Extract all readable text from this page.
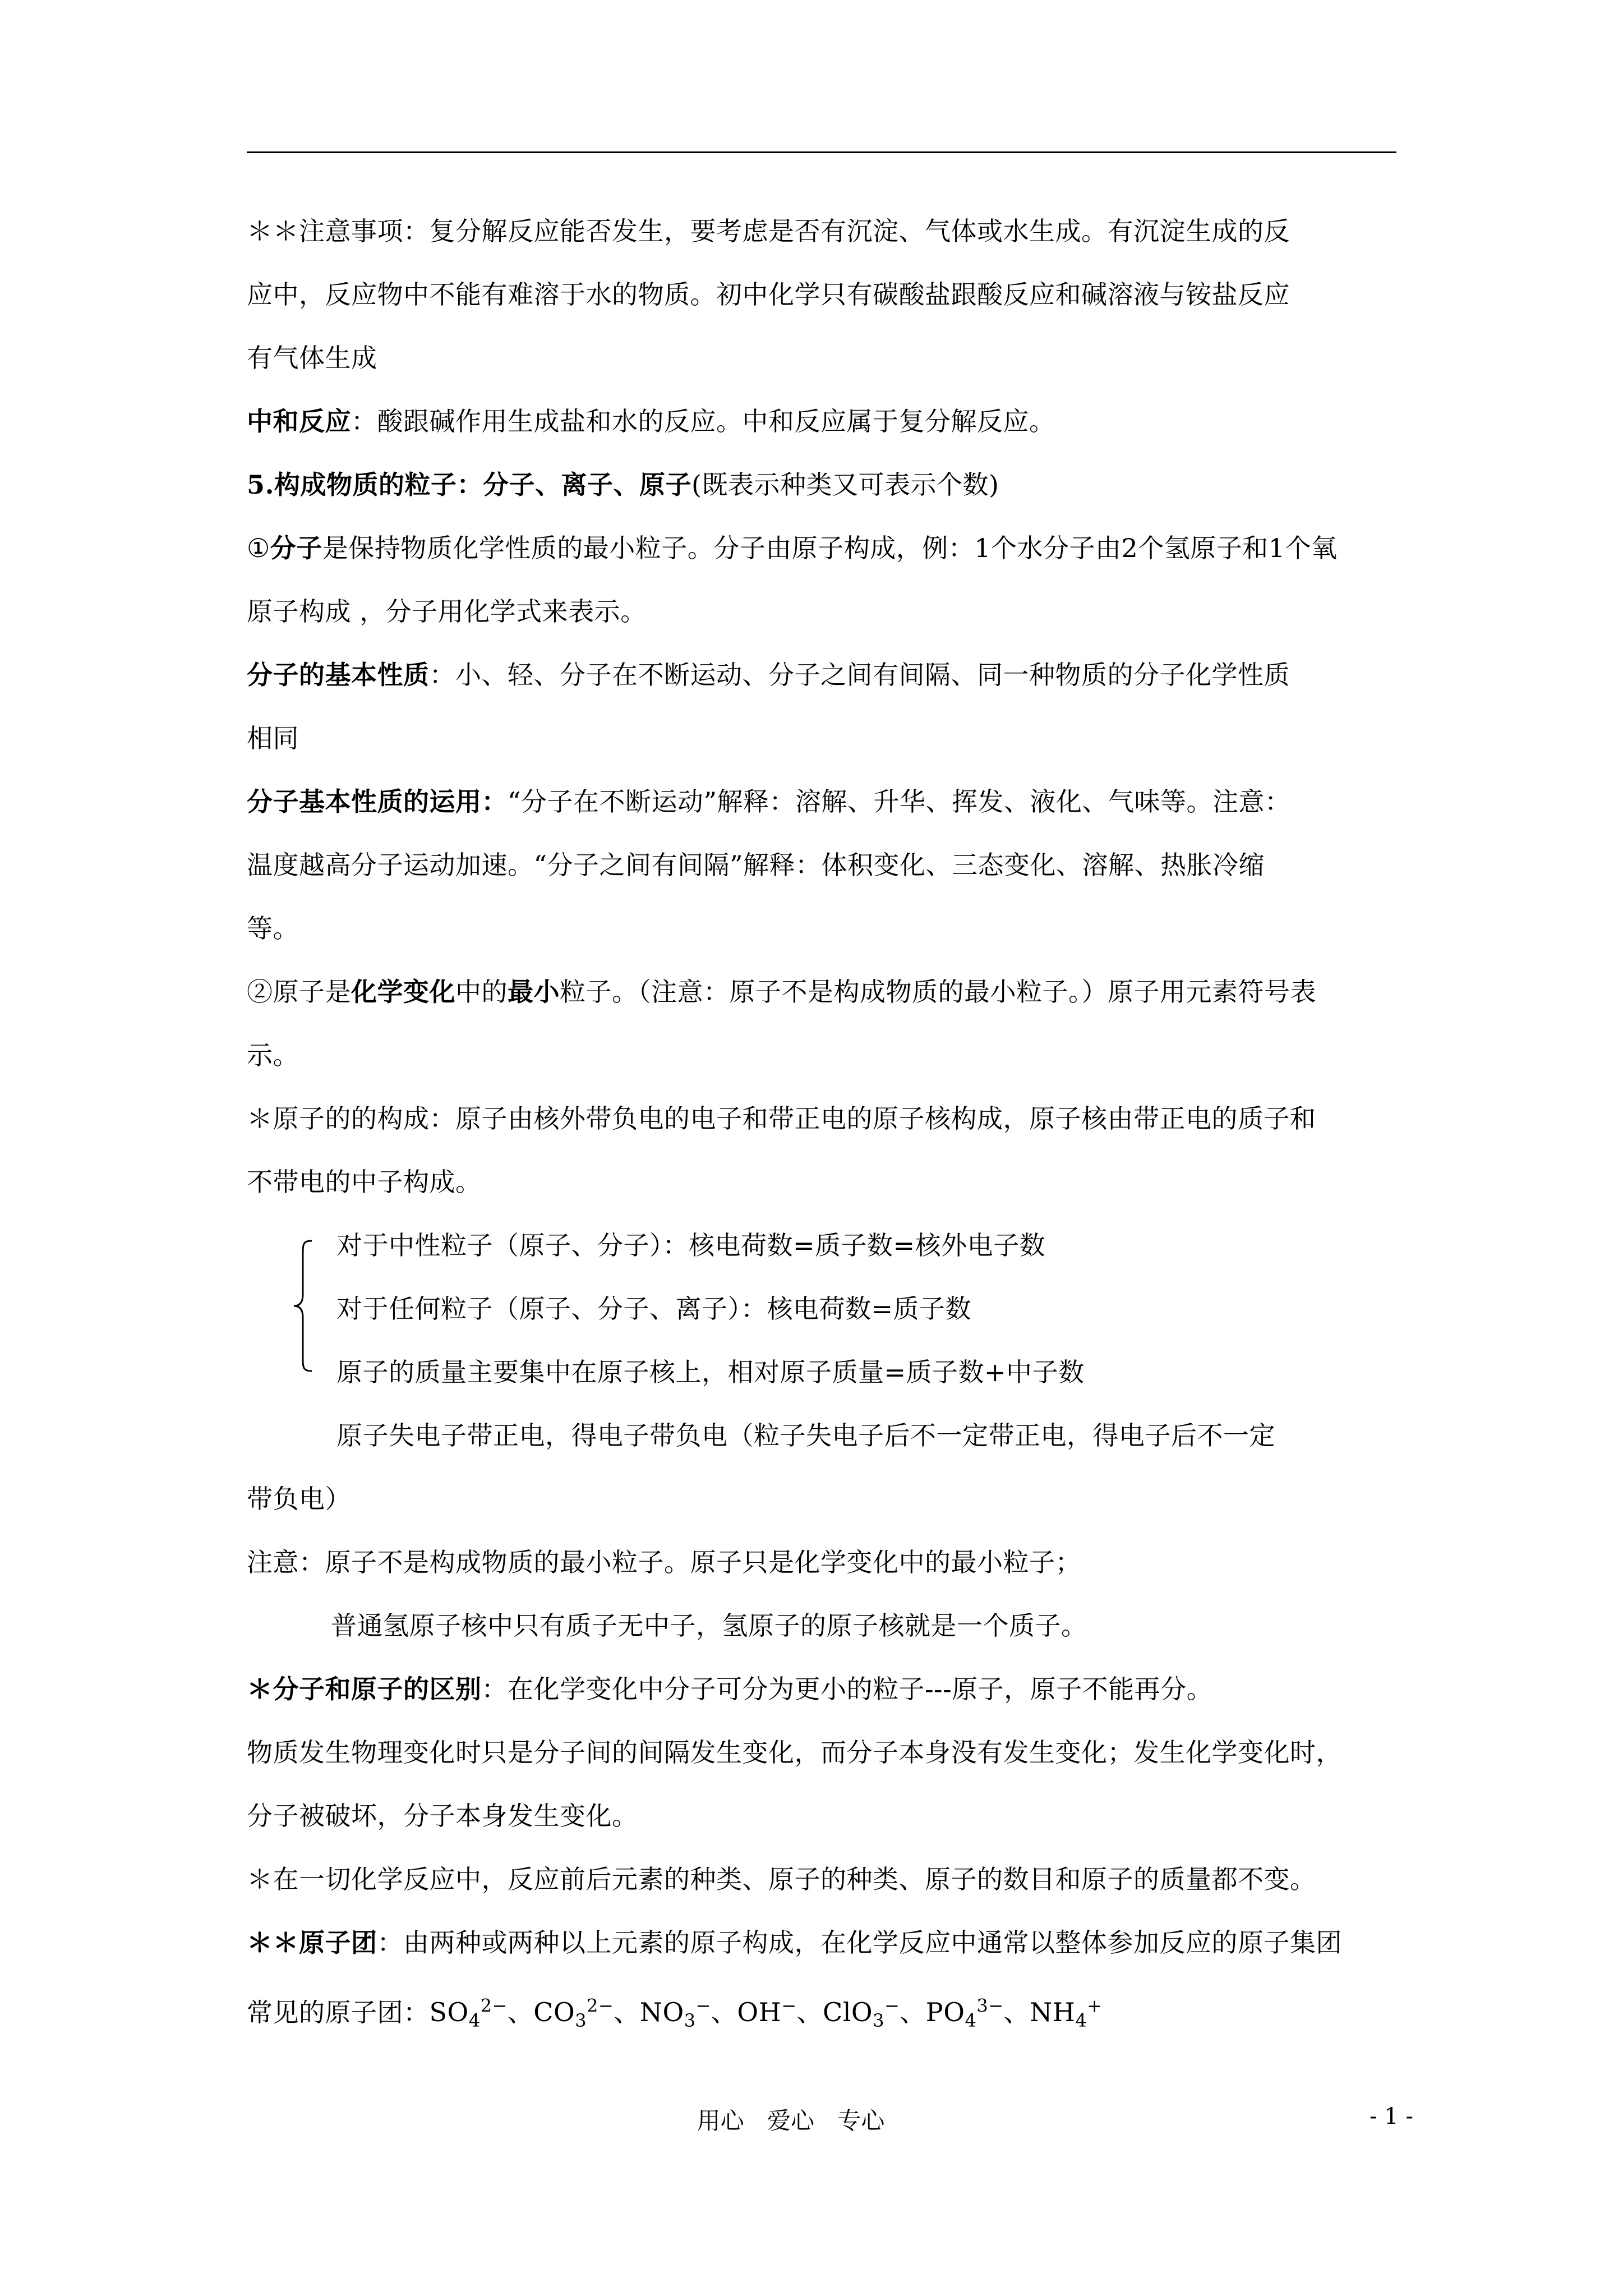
＊＊注意事项：复分解反应能否发生，要考虑是否有沉淀、气体或水生成。有沉淀生成的反
应中，反应物中不能有难溶于水的物质。初中化学只有碳酸盐跟酸反应和碱溶液与铵盐反应
有气体生成
中和反应：酸跟碱作用生成盐和水的反应。中和反应属于复分解反应。
5.构成物质的粒子：分子、离子、原子(既表示种类又可表示个数)
①分子是保持物质化学性质的最小粒子。分子由原子构成，例：1个水分子由2个氢原子和1个氧
原子构成 ，分子用化学式来表示。
分子的基本性质：小、轻、分子在不断运动、分子之间有间隔、同一种物质的分子化学性质
相同
分子基本性质的运用：“分子在不断运动”解释：溶解、升华、挥发、液化、气味等。注意：
温度越高分子运动加速。“分子之间有间隔”解释：体积变化、三态变化、溶解、热胀冷缩
等。
②原子是化学变化中的最小粒子。（注意：原子不是构成物质的最小粒子。）原子用元素符号表
示。
＊原子的的构成：原子由核外带负电的电子和带正电的原子核构成，原子核由带正电的质子和
不带电的中子构成。
对于中性粒子（原子、分子）：核电荷数=质子数=核外电子数
对于任何粒子（原子、分子、离子）：核电荷数=质子数
原子的质量主要集中在原子核上，相对原子质量=质子数+中子数
原子失电子带正电，得电子带负电（粒子失电子后不一定带正电，得电子后不一定
带负电）
注意：原子不是构成物质的最小粒子。原子只是化学变化中的最小粒子；
普通氢原子核中只有质子无中子，氢原子的原子核就是一个质子。
＊分子和原子的区别：在化学变化中分子可分为更小的粒子---原子，原子不能再分。
物质发生物理变化时只是分子间的间隔发生变化，而分子本身没有发生变化；发生化学变化时，
分子被破坏，分子本身发生变化。
＊在一切化学反应中，反应前后元素的种类、原子的种类、原子的数目和原子的质量都不变。
＊＊原子团：由两种或两种以上元素的原子构成，在化学反应中通常以整体参加反应的原子集团
常见的原子团：$SO_4^{2-}$、$CO_3^{2-}$、$NO_3^-$、OH−、ClO$_3$−、$PO_4^{3-}$、$NH_4^+$
用心 爱心 专心	- 1 -
